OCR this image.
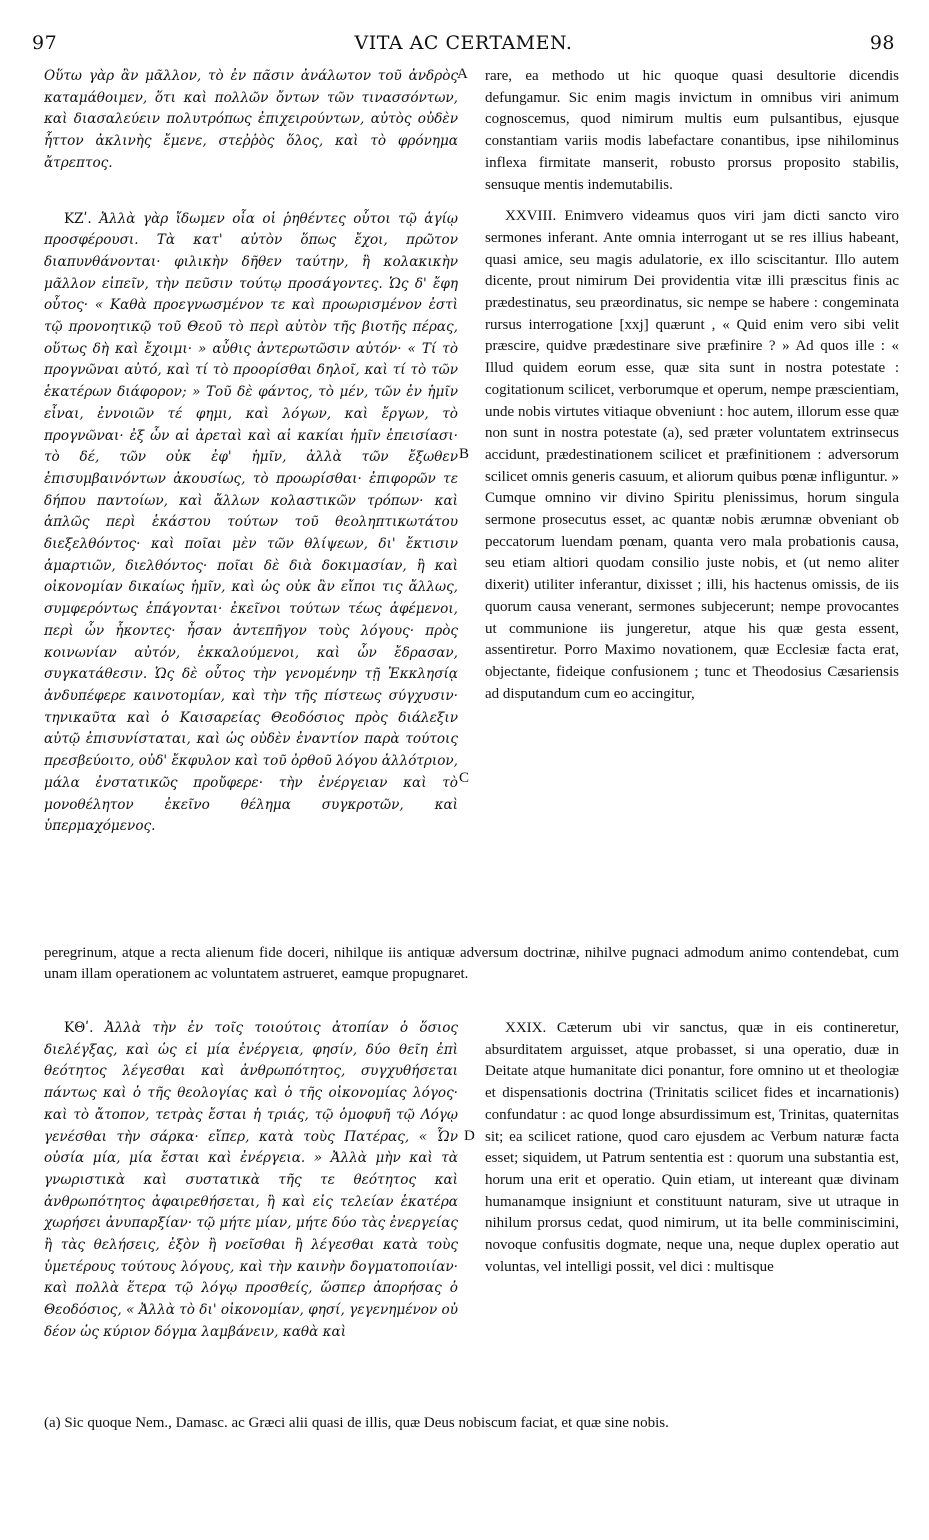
97	VITA AC CERTAMEN.	98

Οὕτω γὰρ ἂν μᾶλλον, τὸ ἐν πᾶσιν ἀνάλωτον τοῦ ἀνδρὸς καταμάθοιμεν, ὅτι καὶ πολλῶν ὄντων τῶν τινασσόντων, καὶ διασαλεύειν πολυτρόπως ἐπιχειρούντων, αὐτὸς οὐδὲν ἧττον ἀκλινὴς ἔμενε, στεῤῥὸς ὅλος, καὶ τὸ φρόνημα ἄτρεπτος.

ΚΖʹ. Ἀλλὰ γὰρ ἴδωμεν οἷα οἱ ῥηθέντες οὗτοι τῷ ἁγίῳ προσφέρουσι. Τὰ κατ' αὐτὸν ὅπως ἔχοι, πρῶτον διαπυνθάνονται· φιλικὴν δῆθεν ταύτην, ἢ κολακικὴν μᾶλλον εἰπεῖν, τὴν πεῦσιν τούτῳ προσάγοντες. Ὡς δ' ἔφη οὗτος· « Καθὰ προεγνωσμένον τε καὶ προωρισμένον ἐστὶ τῷ προνοητικῷ τοῦ Θεοῦ τὸ περὶ αὐτὸν τῆς βιοτῆς πέρας, οὕτως δὴ καὶ ἔχοιμι· » αὖθις ἀντερωτῶσιν αὐτόν· « Τί τὸ προγνῶναι αὐτό, καὶ τί τὸ προορίσθαι δηλοῖ, καὶ τί τὸ τῶν ἑκατέρων διάφορον; » Τοῦ δὲ φάντος, τὸ μέν, τῶν ἐν ἡμῖν εἶναι, ἐννοιῶν τέ φημι, καὶ λόγων, καὶ ἔργων, τὸ προγνῶναι· ἐξ ὧν αἱ ἀρεταὶ καὶ αἱ κακίαι ἡμῖν ἐπεισίασι· τὸ δέ, τῶν οὐκ ἐφ' ἡμῖν, ἀλλὰ τῶν ἔξωθεν ἐπισυμβαινόντων ἀκουσίως, τὸ προωρίσθαι· ἐπιφορῶν τε δήπου παντοίων, καὶ ἄλλων κολαστικῶν τρόπων· καὶ ἁπλῶς περὶ ἑκάστου τούτων τοῦ θεοληπτικωτάτου διεξελθόντος· καὶ ποῖαι μὲν τῶν θλίψεων, δι' ἔκτισιν ἁμαρτιῶν, διελθόντος· ποῖαι δὲ διὰ δοκιμασίαν, ἢ καὶ οἰκονομίαν δικαίως ἡμῖν, καὶ ὡς οὐκ ἂν εἴποι τις ἄλλως, συμφερόντως ἐπάγονται· ἐκεῖνοι τούτων τέως ἀφέμενοι, περὶ ὧν ἧκοντες· ἦσαν ἀντεπῆγον τοὺς λόγους· πρὸς κοινωνίαν αὐτόν, ἐκκαλούμενοι, καὶ ὧν ἔδρασαν, συγκατάθεσιν. Ὡς δὲ οὗτος τὴν γενομένην τῇ Ἐκκλησίᾳ ἀνδυπέφερε καινοτομίαν, καὶ τὴν τῆς πίστεως σύγχυσιν· τηνικαῦτα καὶ ὁ Καισαρείας Θεοδόσιος πρὸς διάλεξιν αὐτῷ ἐπισυνίσταται, καὶ ὡς οὐδὲν ἐναντίον παρὰ τούτοις πρεσβεύοιτο, οὐδ' ἔκφυλον καὶ τοῦ ὀρθοῦ λόγου ἀλλότριον, μάλα ἐνστατικῶς προὔφερε· τὴν ἐνέργειαν καὶ τὸ μονοθέλητον ἐκεῖνο θέλημα συγκροτῶν, καὶ ὑπερμαχόμενος.

rare, ea methodo ut hic quoque quasi desultorie dicendis defungamur. Sic enim magis invictum in omnibus viri animum cognoscemus, quod nimirum multis eum pulsantibus, ejusque constantiam variis modis labefactare conantibus, ipse nihilominus inflexa firmitate manserit, robusto prorsus proposito stabilis, sensuque mentis indemutabilis.

XXVIII. Enimvero videamus quos viri jam dicti sancto viro sermones inferant. Ante omnia interrogant ut se res illius habeant, quasi amice, seu magis adulatorie, ex illo sciscitantur. Illo autem dicente, prout nimirum Dei providentia vitæ illi præscitus finis ac prædestinatus, seu præordinatus, sic nempe se habere : congeminata rursus interrogatione [xxj] quærunt , « Quid enim vero sibi velit præscire, quidve prædestinare sive præfinire ? » Ad quos ille : « Illud quidem eorum esse, quæ sita sunt in nostra potestate : cogitationum scilicet, verborumque et operum, nempe præscientiam, unde nobis virtutes vitiaque obveniunt : hoc autem, illorum esse quæ non sunt in nostra potestate (a), sed præter voluntatem extrinsecus accidunt, prædestinationem scilicet et præfinitionem : adversorum scilicet omnis generis casuum, et aliorum quibus pœnæ infliguntur. » Cumque omnino vir divino Spiritu plenissimus, horum singula sermone prosecutus esset, ac quantæ nobis ærumnæ obveniant ob peccatorum luendam pœnam, quanta vero mala probationis causa, seu etiam altiori quodam consilio juste nobis, et (ut nemo aliter dixerit) utiliter inferantur, dixisset ; illi, his hactenus omissis, de iis quorum causa venerant, sermones subjecerunt; nempe provocantes ut communione iis jungeretur, atque his quæ gesta essent, assentiretur. Porro Maximo novationem, quæ Ecclesiæ facta erat, objectante, fideique confusionem ; tunc et Theodosius Cæsariensis ad disputandum cum eo accingitur,

A
B
C
D
peregrinum, atque a recta alienum fide doceri, nihilque iis antiquæ adversum doctrinæ, nihilve pugnaci admodum animo contendebat, cum unam illam operationem ac voluntatem astrueret, eamque propugnaret.

ΚΘʹ. Ἀλλὰ τὴν ἐν τοῖς τοιούτοις ἀτοπίαν ὁ ὅσιος διελέγξας, καὶ ὡς εἰ μία ἐνέργεια, φησίν, δύο θεῖη ἐπὶ θεότητος λέγεσθαι καὶ ἀνθρωπότητος, συγχυθήσεται πάντως καὶ ὁ τῆς θεολογίας καὶ ὁ τῆς οἰκονομίας λόγος· καὶ τὸ ἄτοπον, τετρὰς ἔσται ἡ τριάς, τῷ ὁμοφυῆ τῷ Λόγῳ γενέσθαι τὴν σάρκα· εἴπερ, κατὰ τοὺς Πατέρας, « Ὧν οὐσία μία, μία ἔσται καὶ ἐνέργεια. » Ἀλλὰ μὴν καὶ τὰ γνωριστικὰ καὶ συστατικὰ τῆς τε θεότητος καὶ ἀνθρωπότητος ἀφαιρεθήσεται, ἢ καὶ εἰς τελείαν ἑκατέρα χωρήσει ἀνυπαρξίαν· τῷ μήτε μίαν, μήτε δύο τὰς ἐνεργείας ἢ τὰς θελήσεις, ἐξὸν ἢ νοεῖσθαι ἢ λέγεσθαι κατὰ τοὺς ὑμετέρους τούτους λόγους, καὶ τὴν καινὴν δογματοποιίαν· καὶ πολλὰ ἕτερα τῷ λόγῳ προσθείς, ὥσπερ ἀπορήσας ὁ Θεοδόσιος, « Ἀλλὰ τὸ δι' οἰκονομίαν, φησί, γεγενημένον οὐ δέον ὡς κύριον δόγμα λαμβάνειν, καθὰ καὶ

XXIX. Cæterum ubi vir sanctus, quæ in eis contineretur, absurditatem arguisset, atque probasset, si una operatio, duæ in Deitate atque humanitate dici ponantur, fore omnino ut et theologiæ et dispensationis doctrina (Trinitatis scilicet fides et incarnationis) confundatur : ac quod longe absurdissimum est, Trinitas, quaternitas sit; ea scilicet ratione, quod caro ejusdem ac Verbum naturæ facta esset; siquidem, ut Patrum sententia est : quorum una substantia est, horum una erit et operatio. Quin etiam, ut intereant quæ divinam humanamque insigniunt et constituunt naturam, sive ut utraque in nihilum prorsus cedat, quod nimirum, ut ita belle comminiscimini, novoque confusitis dogmate, neque una, neque duplex operatio aut voluntas, vel intelligi possit, vel dici : multisque

(a) Sic quoque Nem., Damasc. ac Græci alii quasi de illis, quæ Deus nobiscum faciat, et quæ sine nobis.
